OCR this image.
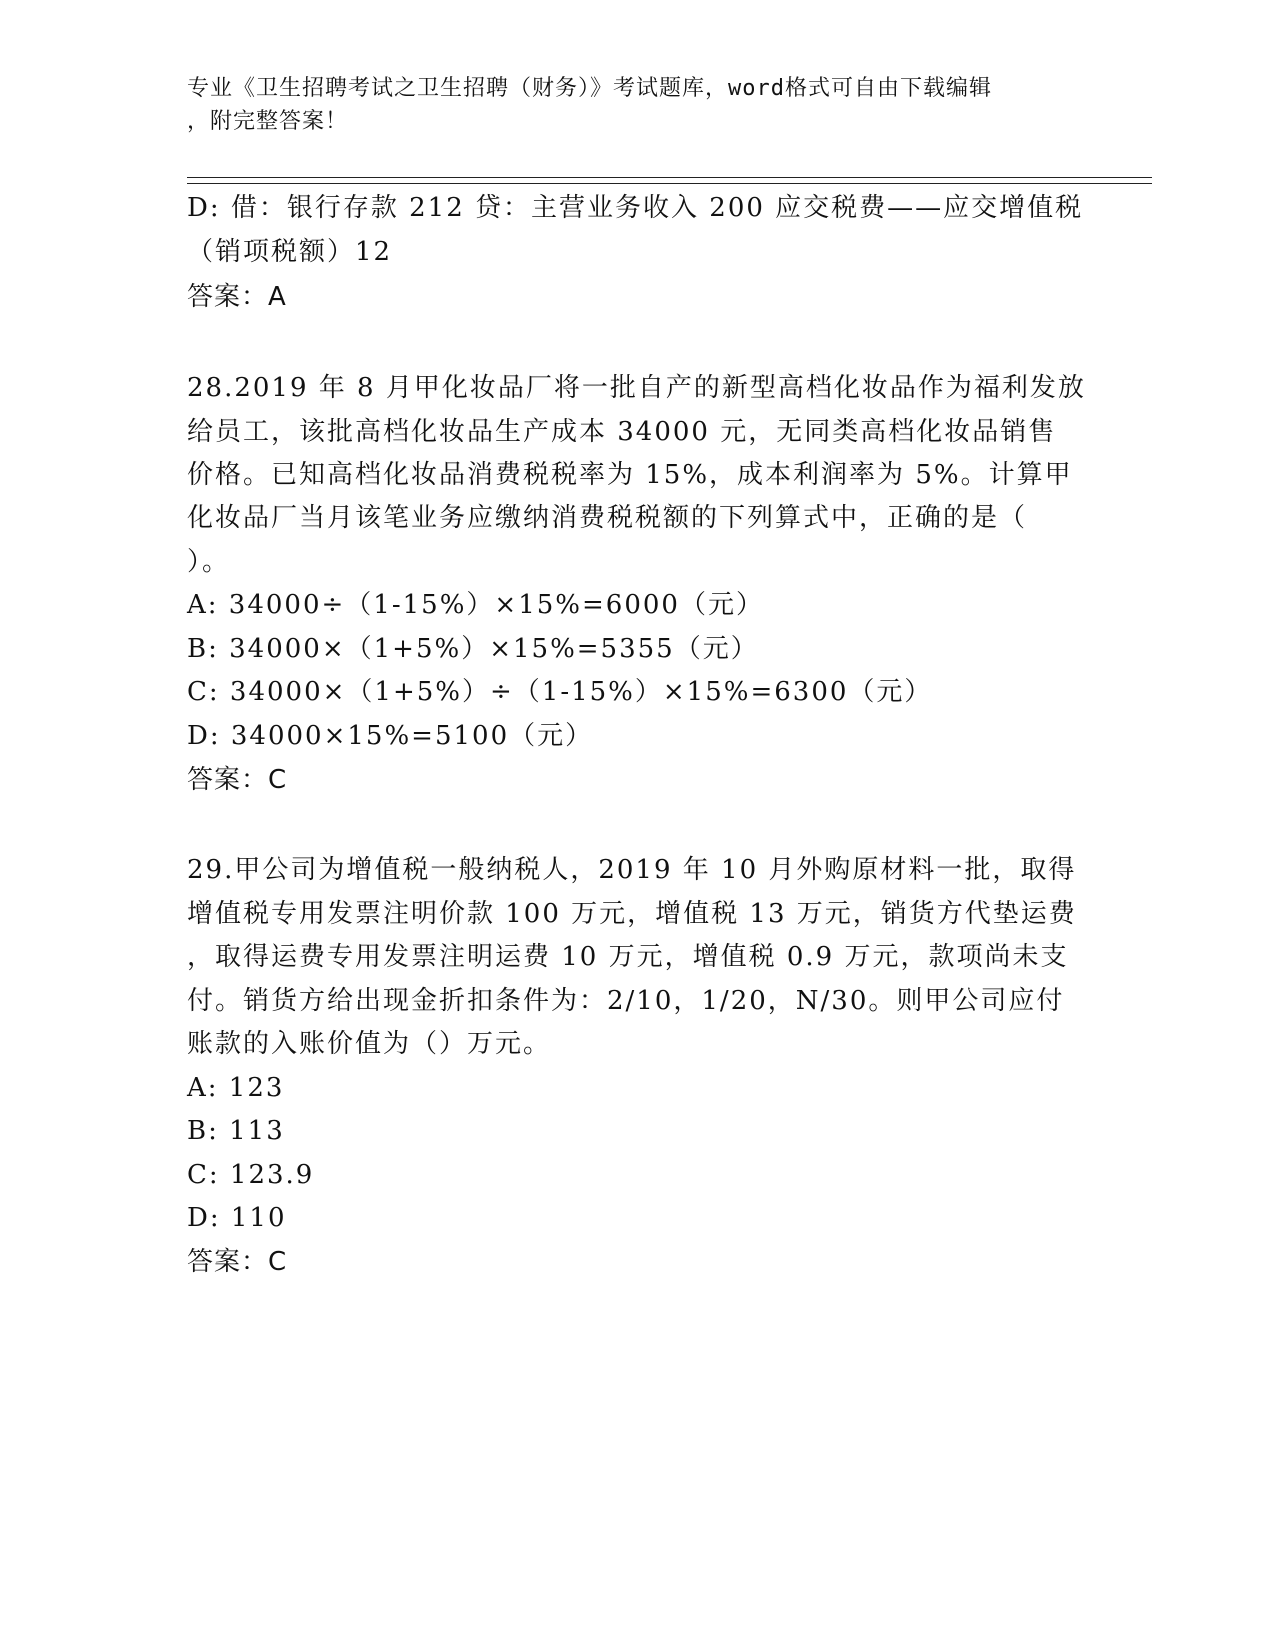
专业《卫生招聘考试之卫生招聘（财务）》考试题库，word格式可自由下载编辑
，附完整答案！
D: 借：银行存款 212 贷：主营业务收入 200 应交税费——应交增值税
（销项税额）12
答案：A
28.2019 年 8 月甲化妆品厂将一批自产的新型高档化妆品作为福利发放
给员工，该批高档化妆品生产成本 34000 元，无同类高档化妆品销售
价格。已知高档化妆品消费税税率为 15%，成本利润率为 5%。计算甲
化妆品厂当月该笔业务应缴纳消费税税额的下列算式中，正确的是（
）。
A: 34000÷（1-15%）×15%=6000（元）
B: 34000×（1+5%）×15%=5355（元）
C: 34000×（1+5%）÷（1-15%）×15%=6300（元）
D: 34000×15%=5100（元）
答案：C
29.甲公司为增值税一般纳税人，2019 年 10 月外购原材料一批，取得
增值税专用发票注明价款 100 万元，增值税 13 万元，销货方代垫运费
，取得运费专用发票注明运费 10 万元，增值税 0.9 万元，款项尚未支
付。销货方给出现金折扣条件为：2/10，1/20，N/30。则甲公司应付
账款的入账价值为（）万元。
A: 123
B: 113
C: 123.9
D: 110
答案：C
